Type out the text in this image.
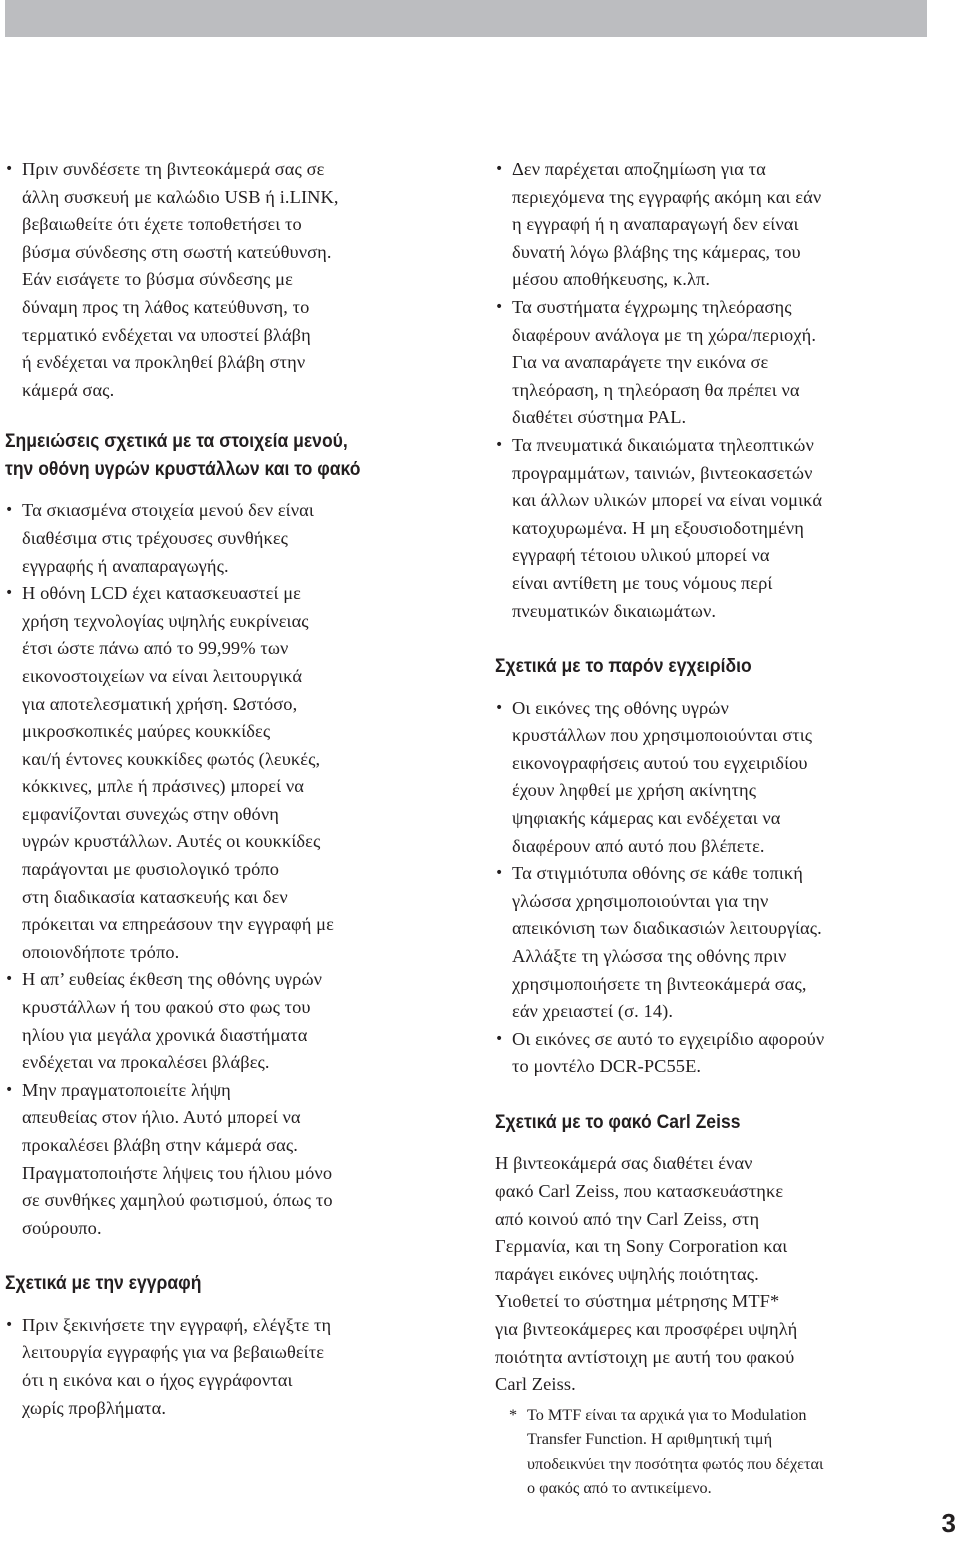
• Πριν συνδέσετε τη βιντεοκάμερά σας σε
άλλη συσκευή με καλώδιο USB ή i.LINK,
βεβαιωθείτε ότι έχετε τοποθετήσει το
βύσμα σύνδεσης στη σωστή κατεύθυνση.
Εάν εισάγετε το βύσμα σύνδεσης με
δύναμη προς τη λάθος κατεύθυνση, το
τερματικό ενδέχεται να υποστεί βλάβη
ή ενδέχεται να προκληθεί βλάβη στην
κάμερά σας.
Σημειώσεις σχετικά με τα στοιχεία μενού,
την οθόνη υγρών κρυστάλλων και το φακό
• Τα σκιασμένα στοιχεία μενού δεν είναι
διαθέσιμα στις τρέχουσες συνθήκες
εγγραφής ή αναπαραγωγής.
• Η οθόνη LCD έχει κατασκευαστεί με
χρήση τεχνολογίας υψηλής ευκρίνειας
έτσι ώστε πάνω από το 99,99% των
εικονοστοιχείων να είναι λειτουργικά
για αποτελεσματική χρήση. Ωστόσο,
μικροσκοπικές μαύρες κουκκίδες
και/ή έντονες κουκκίδες φωτός (λευκές,
κόκκινες, μπλε ή πράσινες) μπορεί να
εμφανίζονται συνεχώς στην οθόνη
υγρών κρυστάλλων. Αυτές οι κουκκίδες
παράγονται με φυσιολογικό τρόπο
στη διαδικασία κατασκευής και δεν
πρόκειται να επηρεάσουν την εγγραφή με
οποιονδήποτε τρόπο.
• Η απ’ ευθείας έκθεση της οθόνης υγρών
κρυστάλλων ή του φακού στο φως του
ηλίου για μεγάλα χρονικά διαστήματα
ενδέχεται να προκαλέσει βλάβες.
• Μην πραγματοποιείτε λήψη
απευθείας στον ήλιο. Αυτό μπορεί να
προκαλέσει βλάβη στην κάμερά σας.
Πραγματοποιήστε λήψεις του ήλιου μόνο
σε συνθήκες χαμηλού φωτισμού, όπως το
σούρουπο.
Σχετικά με την εγγραφή
• Πριν ξεκινήσετε την εγγραφή, ελέγξτε τη
λειτουργία εγγραφής για να βεβαιωθείτε
ότι η εικόνα και ο ήχος εγγράφονται
χωρίς προβλήματα.
• Δεν παρέχεται αποζημίωση για τα
περιεχόμενα της εγγραφής ακόμη και εάν
η εγγραφή ή η αναπαραγωγή δεν είναι
δυνατή λόγω βλάβης της κάμερας, του
μέσου αποθήκευσης, κ.λπ.
• Τα συστήματα έγχρωμης τηλεόρασης
διαφέρουν ανάλογα με τη χώρα/περιοχή.
Για να αναπαράγετε την εικόνα σε
τηλεόραση, η τηλεόραση θα πρέπει να
διαθέτει σύστημα PAL.
• Τα πνευματικά δικαιώματα τηλεοπτικών
προγραμμάτων, ταινιών, βιντεοκασετών
και άλλων υλικών μπορεί να είναι νομικά
κατοχυρωμένα. Η μη εξουσιοδοτημένη
εγγραφή τέτοιου υλικού μπορεί να
είναι αντίθετη με τους νόμους περί
πνευματικών δικαιωμάτων.
Σχετικά με το παρόν εγχειρίδιο
• Οι εικόνες της οθόνης υγρών
κρυστάλλων που χρησιμοποιούνται στις
εικονογραφήσεις αυτού του εγχειριδίου
έχουν ληφθεί με χρήση ακίνητης
ψηφιακής κάμερας και ενδέχεται να
διαφέρουν από αυτό που βλέπετε.
• Τα στιγμιότυπα οθόνης σε κάθε τοπική
γλώσσα χρησιμοποιούνται για την
απεικόνιση των διαδικασιών λειτουργίας.
Αλλάξτε τη γλώσσα της οθόνης πριν
χρησιμοποιήσετε τη βιντεοκάμερά σας,
εάν χρειαστεί (σ. 14).
• Οι εικόνες σε αυτό το εγχειρίδιο αφορούν
το μοντέλο DCR-PC55E.
Σχετικά με το φακό Carl Zeiss
Η βιντεοκάμερά σας διαθέτει έναν
φακό Carl Zeiss, που κατασκευάστηκε
από κοινού από την Carl Zeiss, στη
Γερμανία, και τη Sony Corporation και
παράγει εικόνες υψηλής ποιότητας.
Υιοθετεί το σύστημα μέτρησης MTF*
για βιντεοκάμερες και προσφέρει υψηλή
ποιότητα αντίστοιχη με αυτή του φακού
Carl Zeiss.
* Το MTF είναι τα αρχικά για το Modulation
Transfer Function. Η αριθμητική τιμή
υποδεικνύει την ποσότητα φωτός που δέχεται
ο φακός από το αντικείμενο.
3
